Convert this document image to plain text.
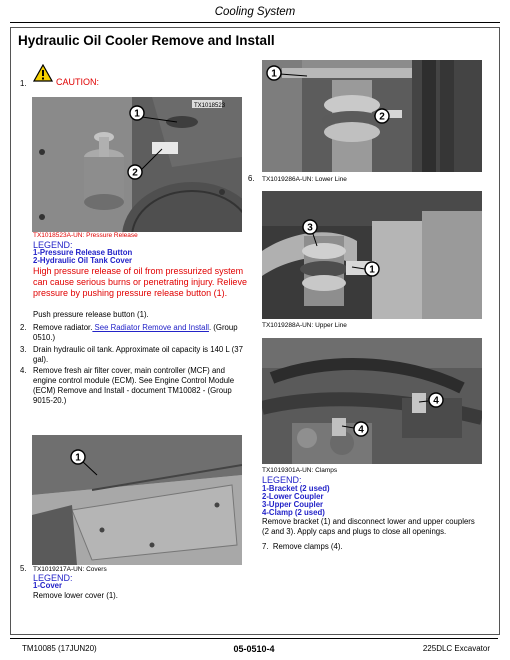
Cooling System
Hydraulic Oil Cooler Remove and Install
1.	CAUTION:
TX1018523
1
2
TX1018523A-UN: Pressure Release
LEGEND:
1-Pressure Release Button
2-Hydraulic Oil Tank Cover
High pressure release of oil from pressurized system
can cause serious burns or penetrating injury. Relieve
pressure by pushing pressure release button (1).
Push pressure release button (1).
2. Remove radiator. See Radiator Remove and Install. (Group
0510.)
3. Drain hydraulic oil tank. Approximate oil capacity is 140 L (37
gal).
4. Remove fresh air filter cover, main controller (MCF) and
engine control module (ECM). See Engine Control Module
(ECM) Remove and Install - document TM10082 - (Group
9015-20.)
1
5. TX1019217A-UN: Covers
LEGEND:
1-Cover
Remove lower cover (1).
1
2
6. TX1019286A-UN: Lower Line
3
1
TX1019288A-UN: Upper Line
4
4
TX1019301A-UN: Clamps
LEGEND:
1-Bracket (2 used)
2-Lower Coupler
3-Upper Coupler
4-Clamp (2 used)
Remove bracket (1) and disconnect lower and upper couplers
(2 and 3). Apply caps and plugs to close all openings.
7. Remove clamps (4).
TM10085 (17JUN20)	05-0510-4	225DLC Excavator
